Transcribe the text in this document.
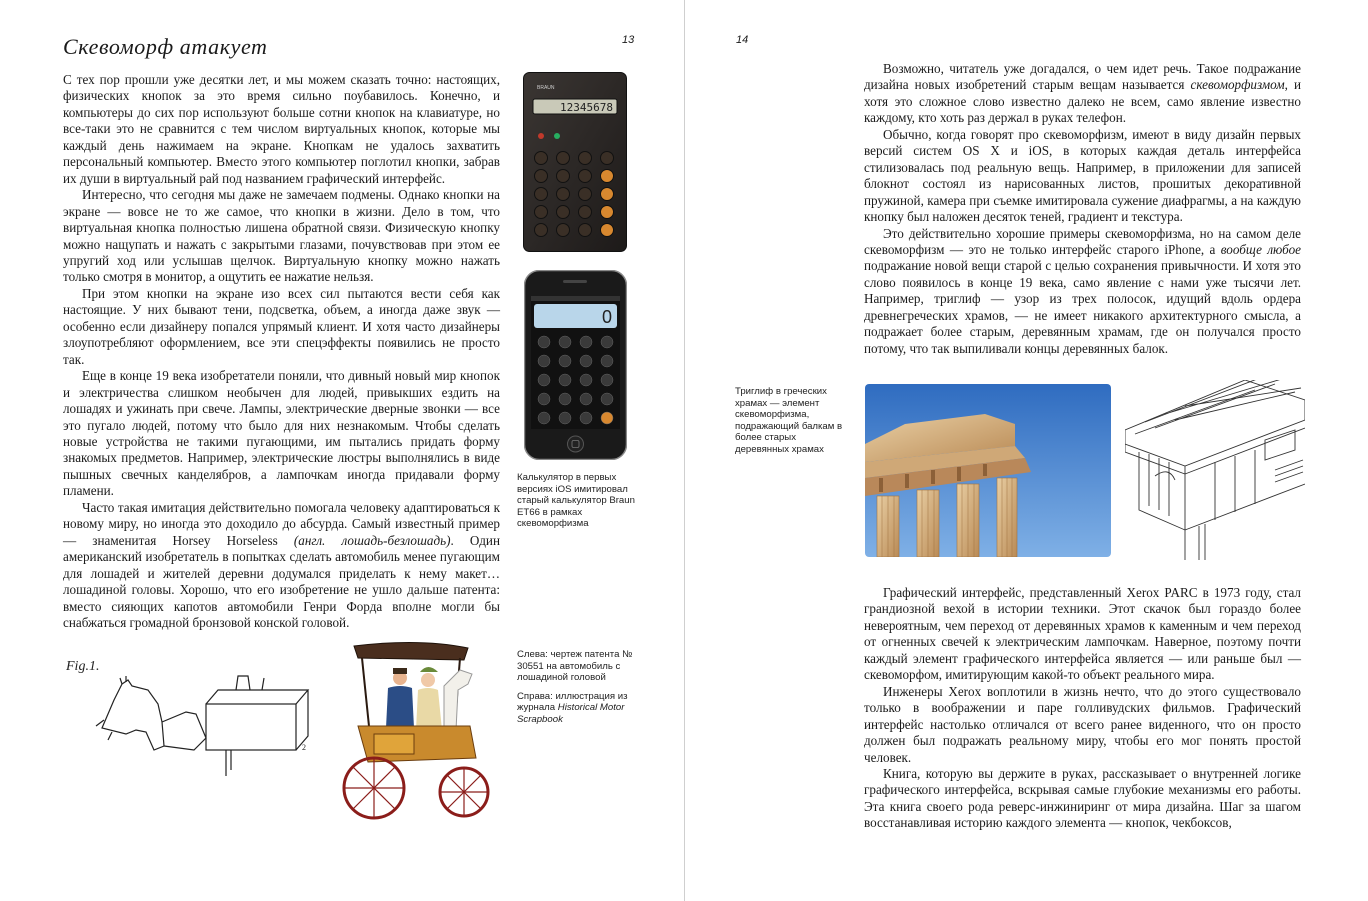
Скевоморф атакует	13

С тех пор прошли уже десятки лет, и мы можем сказать точно: настоящих, физических кнопок за это время сильно поубавилось. Конечно, и компьютеры до сих пор используют больше сотни кнопок на клавиатуре, но все-таки это не сравнится с тем числом виртуальных кнопок, которые мы каждый день нажимаем на экране. Кнопкам не удалось захватить персональный компьютер. Вместо этого компьютер поглотил кнопки, забрав их души в виртуальный рай под названием графический интерфейс.

Интересно, что сегодня мы даже не замечаем подмены. Однако кнопки на экране — вовсе не то же самое, что кнопки в жизни. Дело в том, что виртуальная кнопка полностью лишена обратной связи. Физическую кнопку можно нащупать и нажать с закрытыми глазами, почувствовав при этом ее упругий ход или услышав щелчок. Виртуальную кнопку можно нажать только смотря в монитор, а ощутить ее нажатие нельзя.

При этом кнопки на экране изо всех сил пытаются вести себя как настоящие. У них бывают тени, подсветка, объем, а иногда даже звук — особенно если дизайнеру попался упрямый клиент. И хотя часто дизайнеры злоупотребляют оформлением, все эти спецэффекты появились не просто так.

Еще в конце 19 века изобретатели поняли, что дивный новый мир кнопок и электричества слишком необычен для людей, привыкших ездить на лошадях и ужинать при свече. Лампы, электрические дверные звонки — все это пугало людей, потому что было для них незнакомым. Чтобы сделать новые устройства не такими пугающими, им пытались придать форму знакомых предметов. Например, электрические люстры выполнялись в виде пышных свечных канделябров, а лампочкам иногда придавали форму пламени.

Часто такая имитация действительно помогала человеку адаптироваться к новому миру, но иногда это доходило до абсурда. Самый известный пример — знаменитая Horsey Horseless (англ. лошадь-безлошадь). Один американский изобретатель в попытках сделать автомобиль менее пугающим для лошадей и жителей деревни додумался приделать к нему макет… лошадиной головы. Хорошо, что его изобретение не ушло дальше патента: вместо сияющих капотов автомобили Генри Форда вполне могли бы снабжаться громадной бронзовой конской головой.

BRAUN
12345678
0
Калькулятор в первых версиях iOS имитировал старый калькулятор Braun ET66 в рамках скевоморфизма
Fig.1.
2

Слева: чертеж патента № 30551 на автомобиль с лошадиной головой

Справа: иллюстрация из журнала Historical Motor Scrapbook

14

Возможно, читатель уже догадался, о чем идет речь. Такое подражание дизайна новых изобретений старым вещам называется скевоморфизмом, и хотя это сложное слово известно далеко не всем, само явление известно каждому, кто хоть раз держал в руках телефон.

Обычно, когда говорят про скевоморфизм, имеют в виду дизайн первых версий систем OS X и iOS, в которых каждая деталь интерфейса стилизовалась под реальную вещь. Например, в приложении для записей блокнот состоял из нарисованных листов, прошитых декоративной пружиной, камера при съемке имитировала сужение диафрагмы, а на каждую кнопку был наложен десяток теней, градиент и текстура.

Это действительно хорошие примеры скевоморфизма, но на самом деле скевоморфизм — это не только интерфейс старого iPhone, а вообще любое подражание новой вещи старой с целью сохранения привычности. И хотя это слово появилось в конце 19 века, само явление с нами уже тысячи лет. Например, триглиф — узор из трех полосок, идущий вдоль ордера древнегреческих храмов, — не имеет никакого архитектурного смысла, а подражает более старым, деревянным храмам, где он получался просто потому, что так выпиливали концы деревянных балок.

Триглиф в греческих храмах — элемент скевоморфизма, подражающий балкам в более старых деревянных храмах

Графический интерфейс, представленный Xerox PARC в 1973 году, стал грандиозной вехой в истории техники. Этот скачок был гораздо более невероятным, чем переход от деревянных храмов к каменным и чем переход от огненных свечей к электрическим лампочкам. Наверное, поэтому почти каждый элемент графического интерфейса является — или раньше был — скевоморфом, имитирующим какой-то объект реального мира.

Инженеры Xerox воплотили в жизнь нечто, что до этого существовало только в воображении и паре голливудских фильмов. Графический интерфейс настолько отличался от всего ранее виденного, что он просто должен был подражать реальному миру, чтобы его мог понять простой человек.

Книга, которую вы держите в руках, рассказывает о внутренней логике графического интерфейса, вскрывая самые глубокие механизмы его работы. Эта книга своего рода реверс-инжиниринг от мира дизайна. Шаг за шагом восстанавливая историю каждого элемента — кнопок, чекбоксов,
